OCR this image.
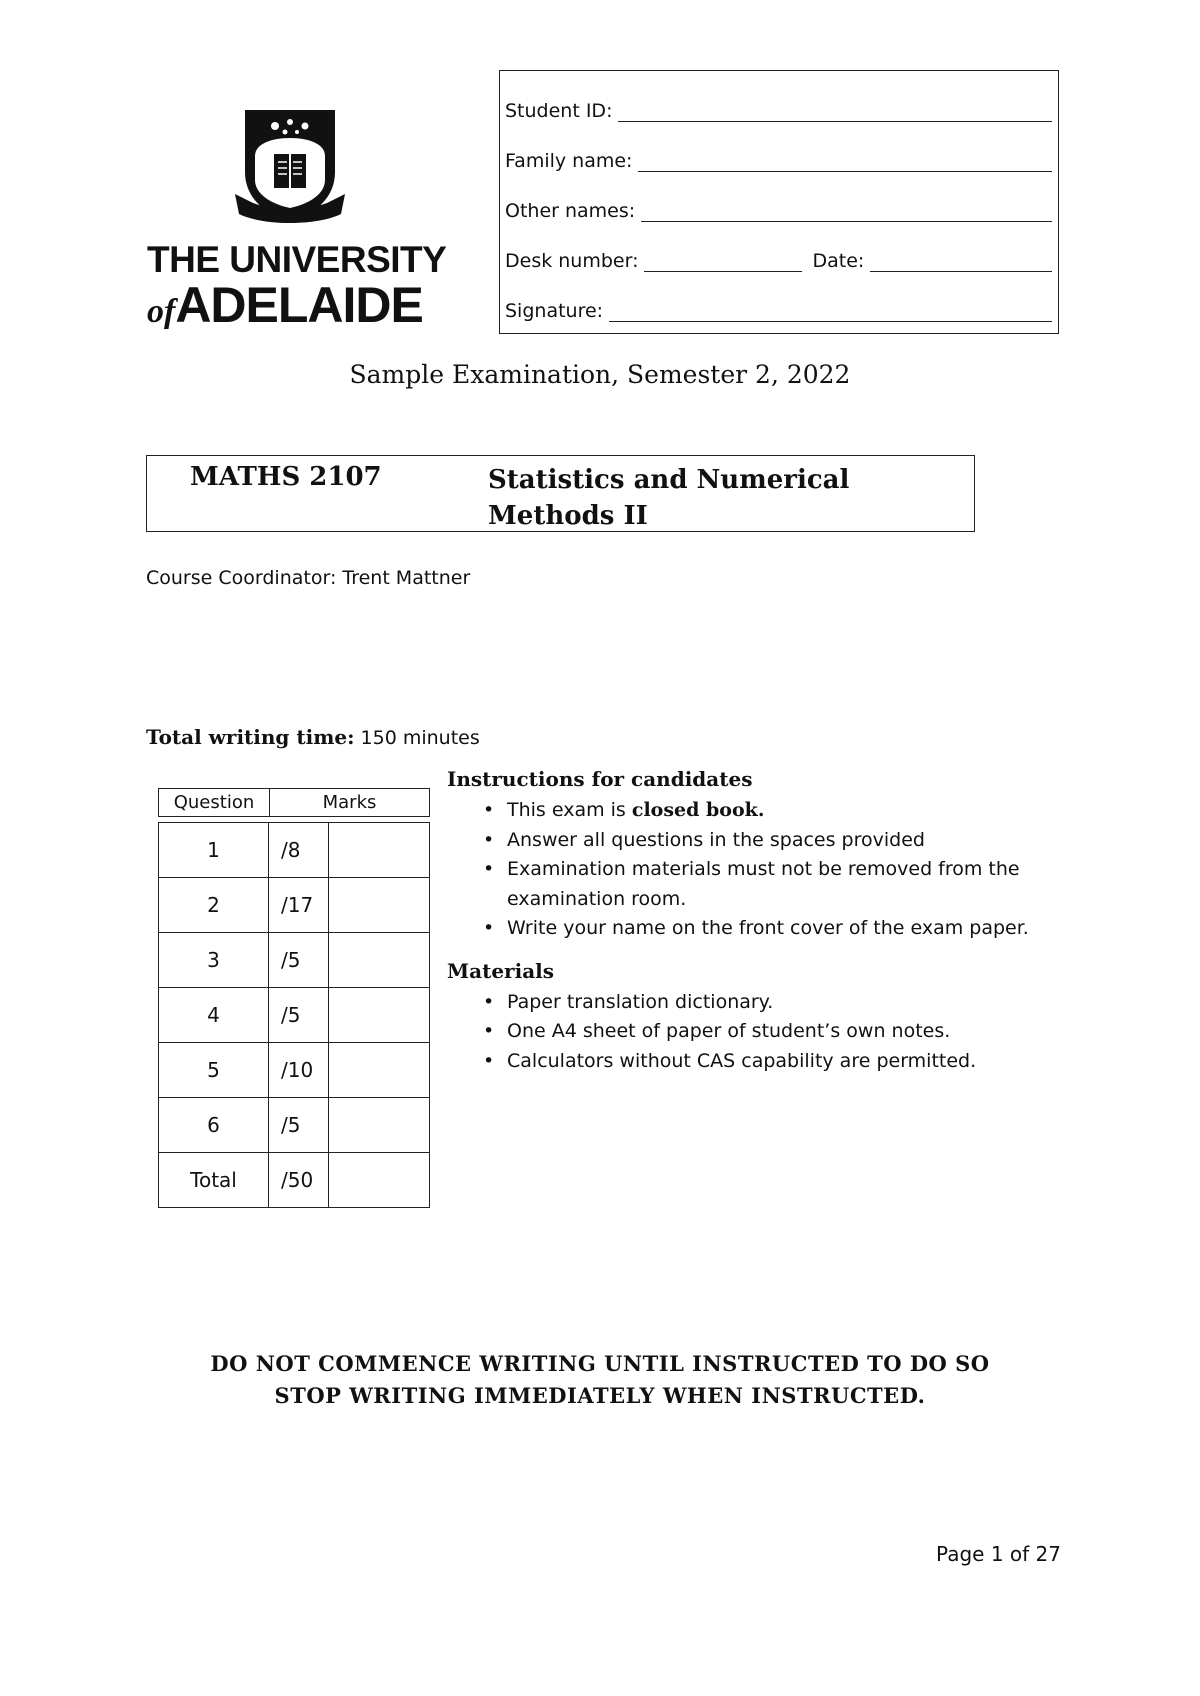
THE UNIVERSITY
ofADELAIDE
Student ID:
Family name:
Other names:
Desk number:	Date:
Signature:
Sample Examination, Semester 2, 2022
MATHS 2107	Statistics and Numerical Methods II
Course Coordinator: Trent Mattner
Total writing time: 150 minutes
Question	Marks
1	/8	
2	/17	
3	/5	
4	/5	
5	/10	
6	/5	
Total	/50	
Instructions for candidates
• This exam is closed book.
• Answer all questions in the spaces provided
• Examination materials must not be removed from the
examination room.
• Write your name on the front cover of the exam paper.
Materials
• Paper translation dictionary.
• One A4 sheet of paper of student’s own notes.
• Calculators without CAS capability are permitted.
DO NOT COMMENCE WRITING UNTIL INSTRUCTED TO DO SO
STOP WRITING IMMEDIATELY WHEN INSTRUCTED.
Page 1 of 27
